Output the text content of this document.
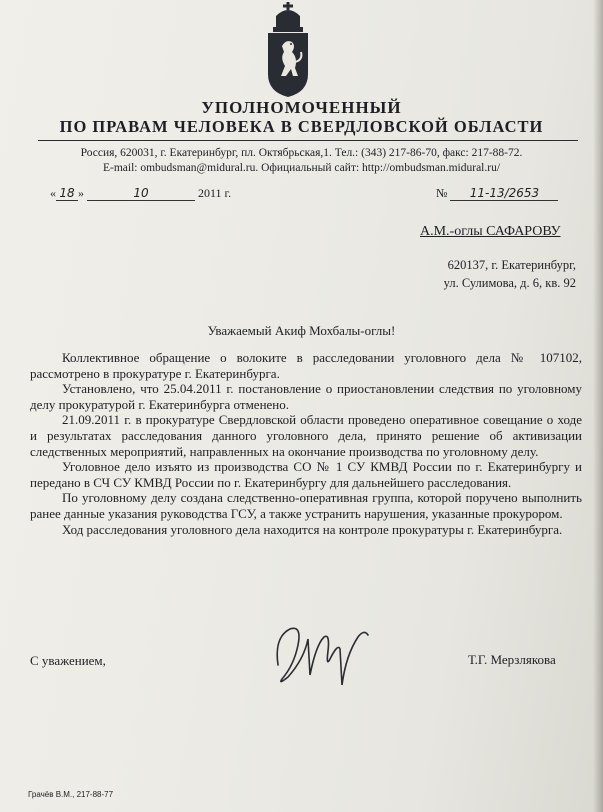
УПОЛНОМОЧЕННЫЙ
ПО ПРАВАМ ЧЕЛОВЕКА В СВЕРДЛОВСКОЙ ОБЛАСТИ
Россия, 620031, г. Екатеринбург, пл. Октябрьская,1. Тел.: (343) 217-86-70, факс: 217-88-72.
E-mail: ombudsman@midural.ru. Официальный сайт: http://ombudsman.midural.ru/
« 18 »	10	2011 г.	№ 11-13/2653
А.М.-оглы САФАРОВУ
620137, г. Екатеринбург,
ул. Сулимова, д. 6, кв. 92
Уважаемый Акиф Мохбалы-оглы!

Коллективное обращение о волоките в расследовании уголовного дела № 107102, рассмотрено в прокуратуре г. Екатеринбурга.

Установлено, что 25.04.2011 г. постановление о приостановлении следствия по уголовному делу прокуратурой г. Екатеринбурга отменено.

21.09.2011 г. в прокуратуре Свердловской области проведено оперативное совещание о ходе и результатах расследования данного уголовного дела, принято решение об активизации следственных мероприятий, направленных на окончание производства по уголовному делу.

Уголовное дело изъято из производства СО № 1 СУ КМВД России по г. Екатеринбургу и передано в СЧ СУ КМВД России по г. Екатеринбургу для дальнейшего расследования.

По уголовному делу создана следственно-оперативная группа, которой поручено выполнить ранее данные указания руководства ГСУ, а также устранить нарушения, указанные прокурором.

Ход расследования уголовного дела находится на контроле прокуратуры г. Екатеринбурга.

С уважением,	Т.Г. Мерзлякова
Грачёв В.М., 217-88-77
